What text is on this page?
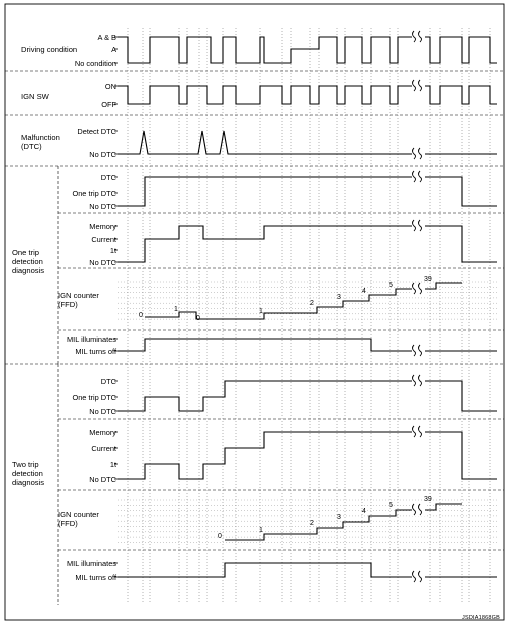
Driving condition
A & B
A
No condition
IGN SW
ON
OFF
Malfunction
(DTC)
Detect DTC
No DTC
One trip
detection
diagnosis
DTC
One trip DTC
No DTC
Memory
Current
1t
No DTC
IGN counter
(FFD)
MIL illuminates
MIL turns off
0
1
0
1
2
3
4
5
39
Two trip
detection
diagnosis
DTC
One trip DTC
No DTC
Memory
Current
1t
No DTC
IGN counter
(FFD)
MIL illuminates
MIL turns off
0
1
2
3
4
5
39
JSDIA1868GB
